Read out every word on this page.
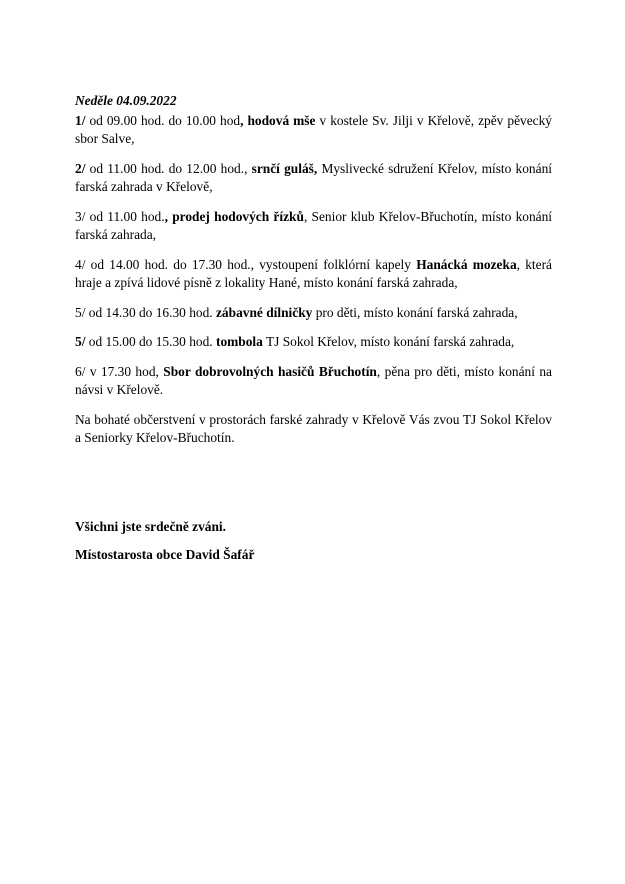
Neděle 04.09.2022

1/ od 09.00 hod. do 10.00 hod, hodová mše v kostele Sv. Jilji v Křelově, zpěv pěvecký sbor Salve,

2/ od 11.00 hod. do 12.00 hod., srnčí guláš, Myslivecké sdružení Křelov, místo konání farská zahrada v Křelově,

3/ od 11.00 hod., prodej hodových řízků, Senior klub Křelov-Břuchotín, místo konání farská zahrada,

4/ od 14.00 hod. do 17.30 hod., vystoupení folklórní kapely Hanácká mozeka, která hraje a zpívá lidové písně z lokality Hané, místo konání farská zahrada,

5/ od 14.30 do 16.30 hod. zábavné dílničky pro děti, místo konání farská zahrada,

5/ od 15.00 do 15.30 hod. tombola TJ Sokol Křelov, místo konání farská zahrada,

6/ v 17.30 hod, Sbor dobrovolných hasičů Břuchotín, pěna pro děti, místo konání na návsi v Křelově.

Na bohaté občerstvení v prostorách farské zahrady v Křelově Vás zvou TJ Sokol Křelov a Seniorky Křelov-Břuchotín.

Všichni jste srdečně zváni.

Místostarosta obce David Šafář
